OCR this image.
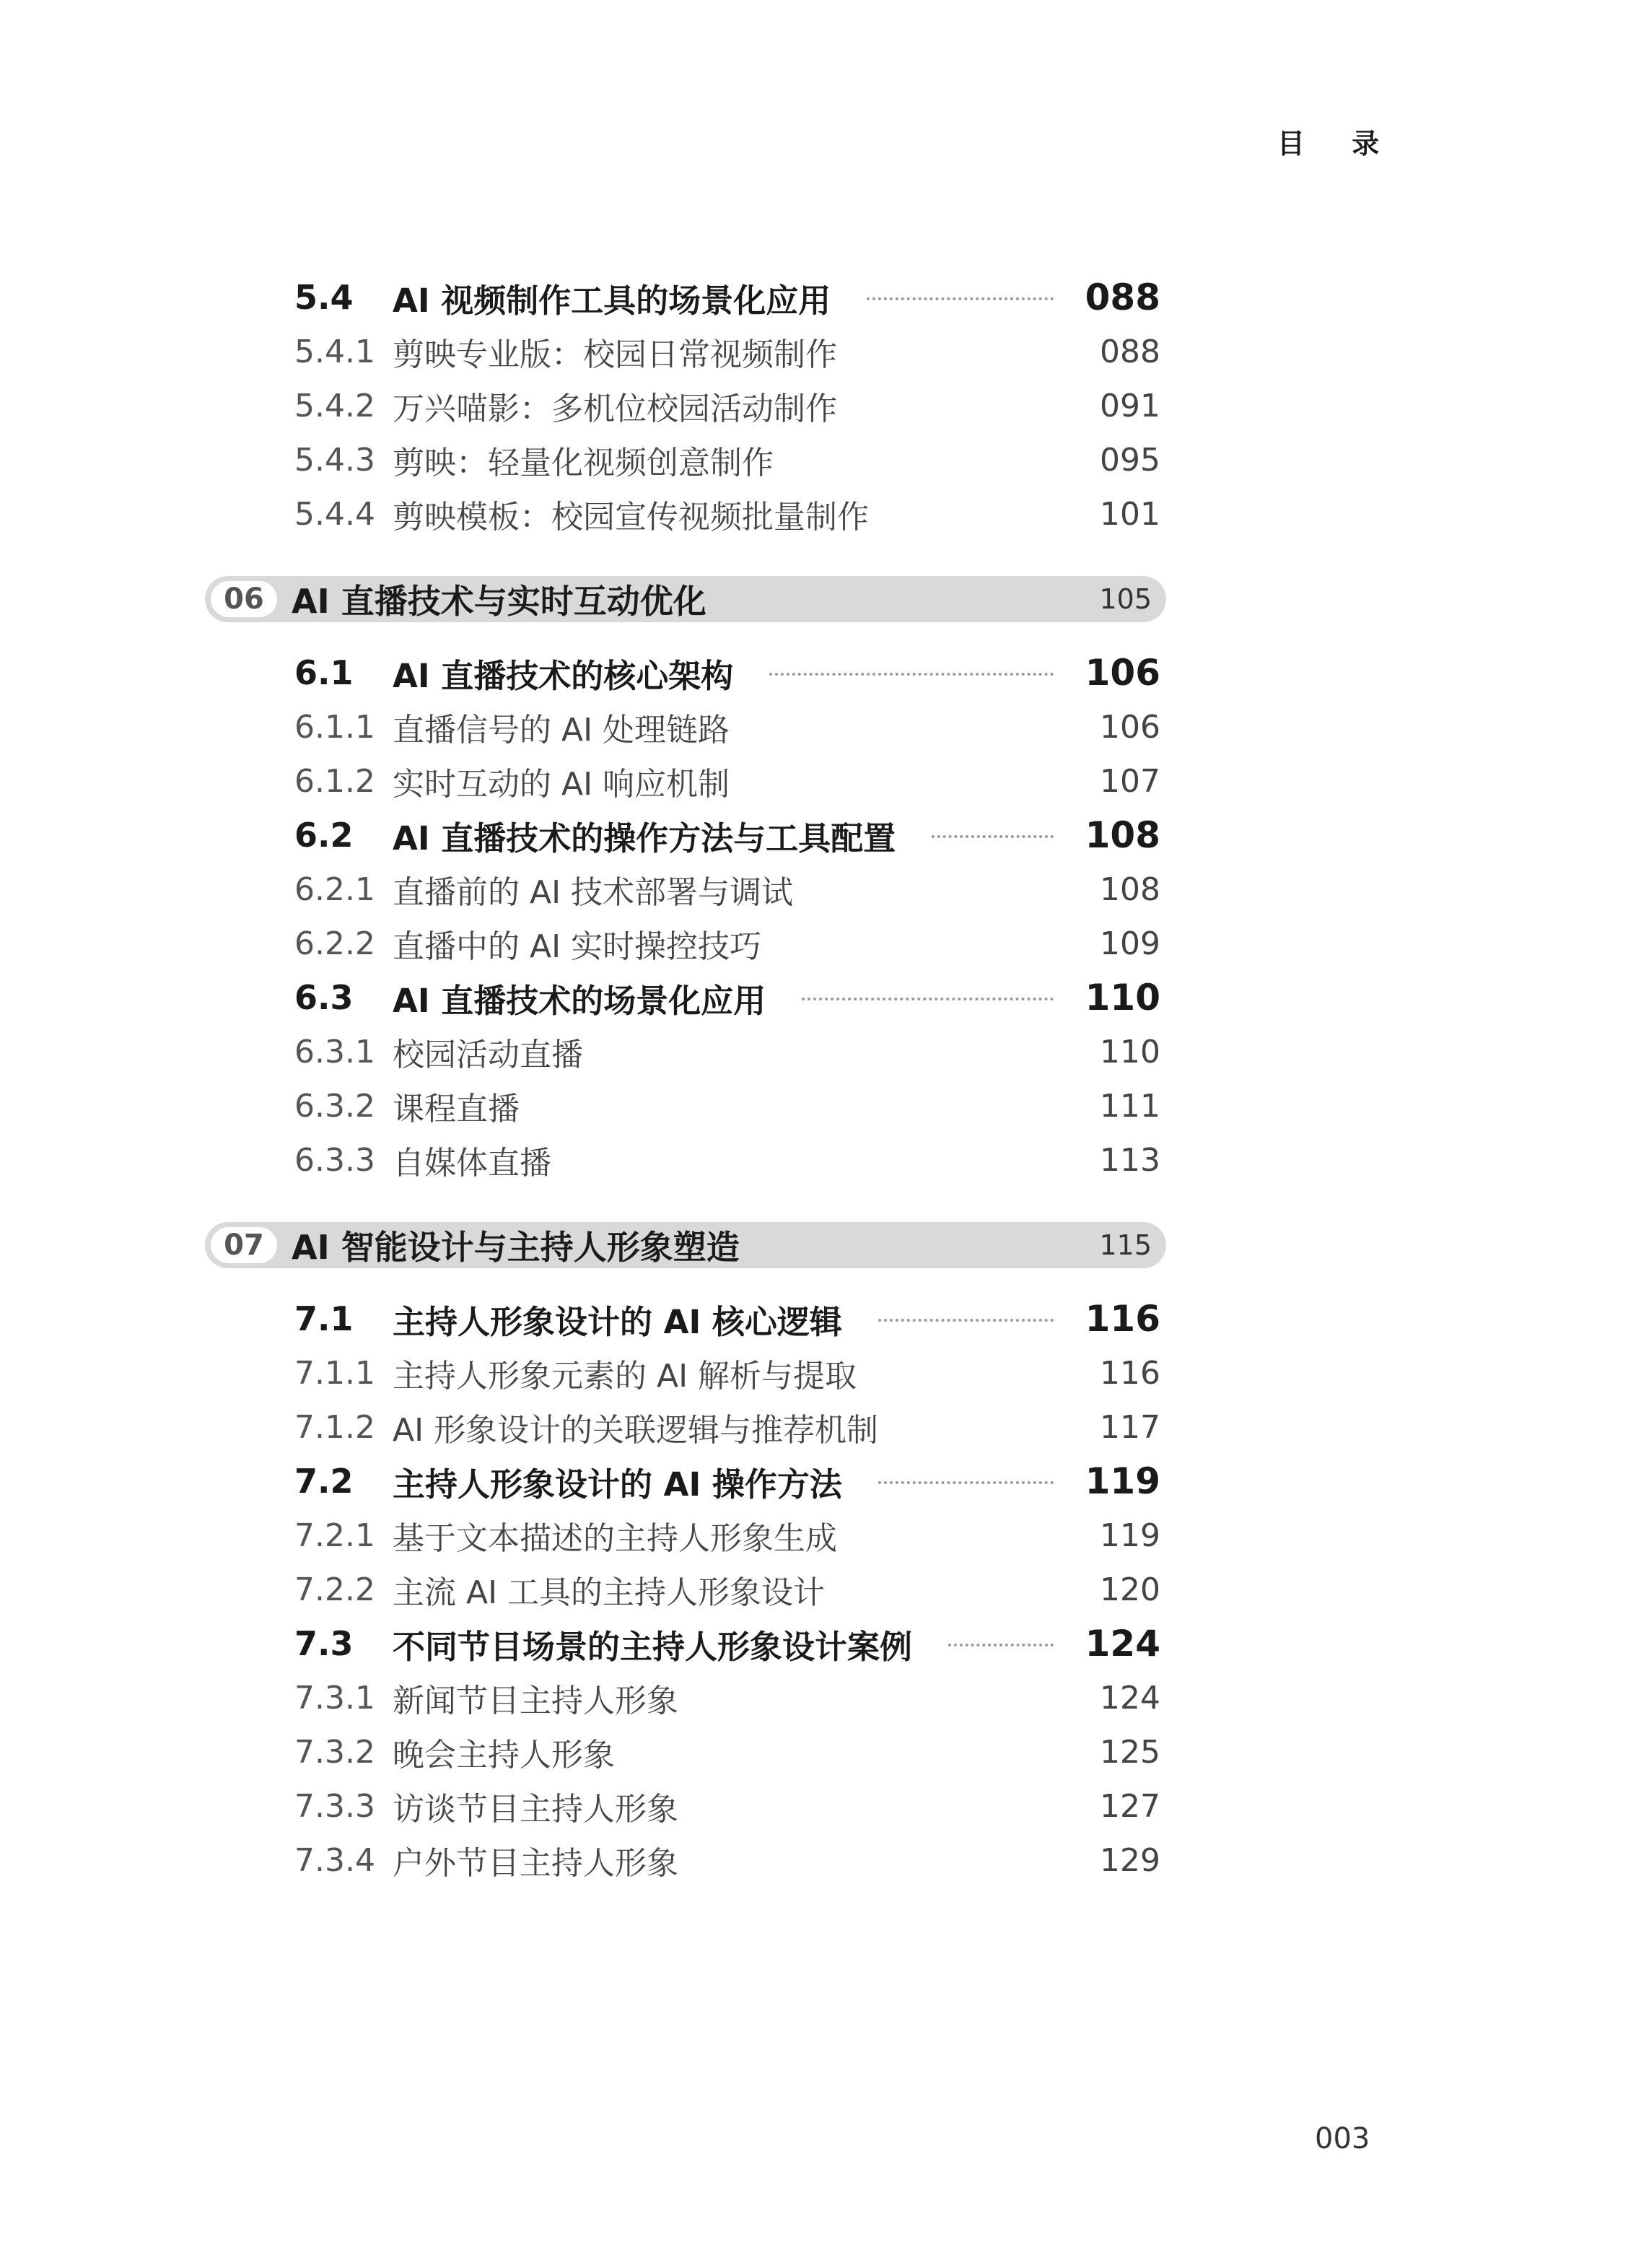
目 录
5.4	AI 视频制作工具的场景化应用	088
5.4.1 剪映专业版：校园日常视频制作	088
5.4.2 万兴喵影：多机位校园活动制作	091
5.4.3 剪映：轻量化视频创意制作	095
5.4.4 剪映模板：校园宣传视频批量制作	101
06 AI 直播技术与实时互动优化	105
6.1	AI 直播技术的核心架构	106
6.1.1 直播信号的 AI 处理链路	106
6.1.2 实时互动的 AI 响应机制	107
6.2	AI 直播技术的操作方法与工具配置	108
6.2.1 直播前的 AI 技术部署与调试	108
6.2.2 直播中的 AI 实时操控技巧	109
6.3	AI 直播技术的场景化应用	110
6.3.1 校园活动直播	110
6.3.2 课程直播	111
6.3.3 自媒体直播	113
07 AI 智能设计与主持人形象塑造	115
7.1	主持人形象设计的 AI 核心逻辑	116
7.1.1 主持人形象元素的 AI 解析与提取	116
7.1.2 AI 形象设计的关联逻辑与推荐机制	117
7.2	主持人形象设计的 AI 操作方法	119
7.2.1 基于文本描述的主持人形象生成	119
7.2.2 主流 AI 工具的主持人形象设计	120
7.3	不同节目场景的主持人形象设计案例	124
7.3.1 新闻节目主持人形象	124
7.3.2 晚会主持人形象	125
7.3.3 访谈节目主持人形象	127
7.3.4 户外节目主持人形象	129
003
